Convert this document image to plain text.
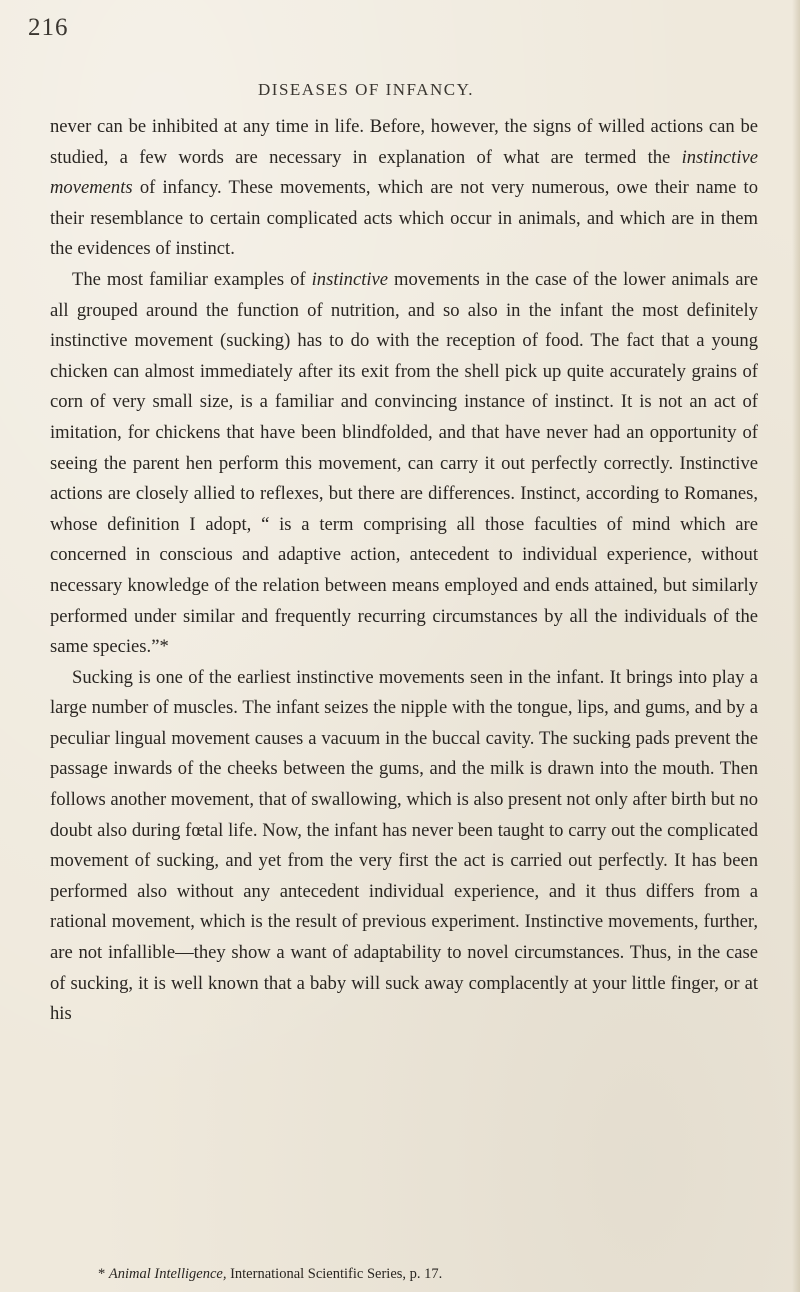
216
DISEASES OF INFANCY.

never can be inhibited at any time in life. Before, however, the signs of willed actions can be studied, a few words are necessary in explanation of what are termed the instinctive movements of infancy. These movements, which are not very numerous, owe their name to their resemblance to certain complicated acts which occur in animals, and which are in them the evidences of instinct.

The most familiar examples of instinctive movements in the case of the lower animals are all grouped around the function of nutrition, and so also in the infant the most definitely instinctive movement (sucking) has to do with the reception of food. The fact that a young chicken can almost immediately after its exit from the shell pick up quite accurately grains of corn of very small size, is a familiar and convincing instance of instinct. It is not an act of imitation, for chickens that have been blindfolded, and that have never had an opportunity of seeing the parent hen perform this movement, can carry it out perfectly correctly. Instinctive actions are closely allied to reflexes, but there are differences. Instinct, according to Romanes, whose definition I adopt, “ is a term comprising all those faculties of mind which are concerned in conscious and adaptive action, antecedent to individual experience, without necessary knowledge of the relation between means employed and ends attained, but similarly performed under similar and frequently recurring circumstances by all the individuals of the same species.”*

Sucking is one of the earliest instinctive movements seen in the infant. It brings into play a large number of muscles. The infant seizes the nipple with the tongue, lips, and gums, and by a peculiar lingual movement causes a vacuum in the buccal cavity. The sucking pads prevent the passage inwards of the cheeks between the gums, and the milk is drawn into the mouth. Then follows another movement, that of swallowing, which is also present not only after birth but no doubt also during fœtal life. Now, the infant has never been taught to carry out the complicated movement of sucking, and yet from the very first the act is carried out perfectly. It has been performed also without any antecedent individual experience, and it thus differs from a rational movement, which is the result of previous experiment. Instinctive movements, further, are not infallible—they show a want of adaptability to novel circumstances. Thus, in the case of sucking, it is well known that a baby will suck away complacently at your little finger, or at his

* Animal Intelligence, International Scientific Series, p. 17.
